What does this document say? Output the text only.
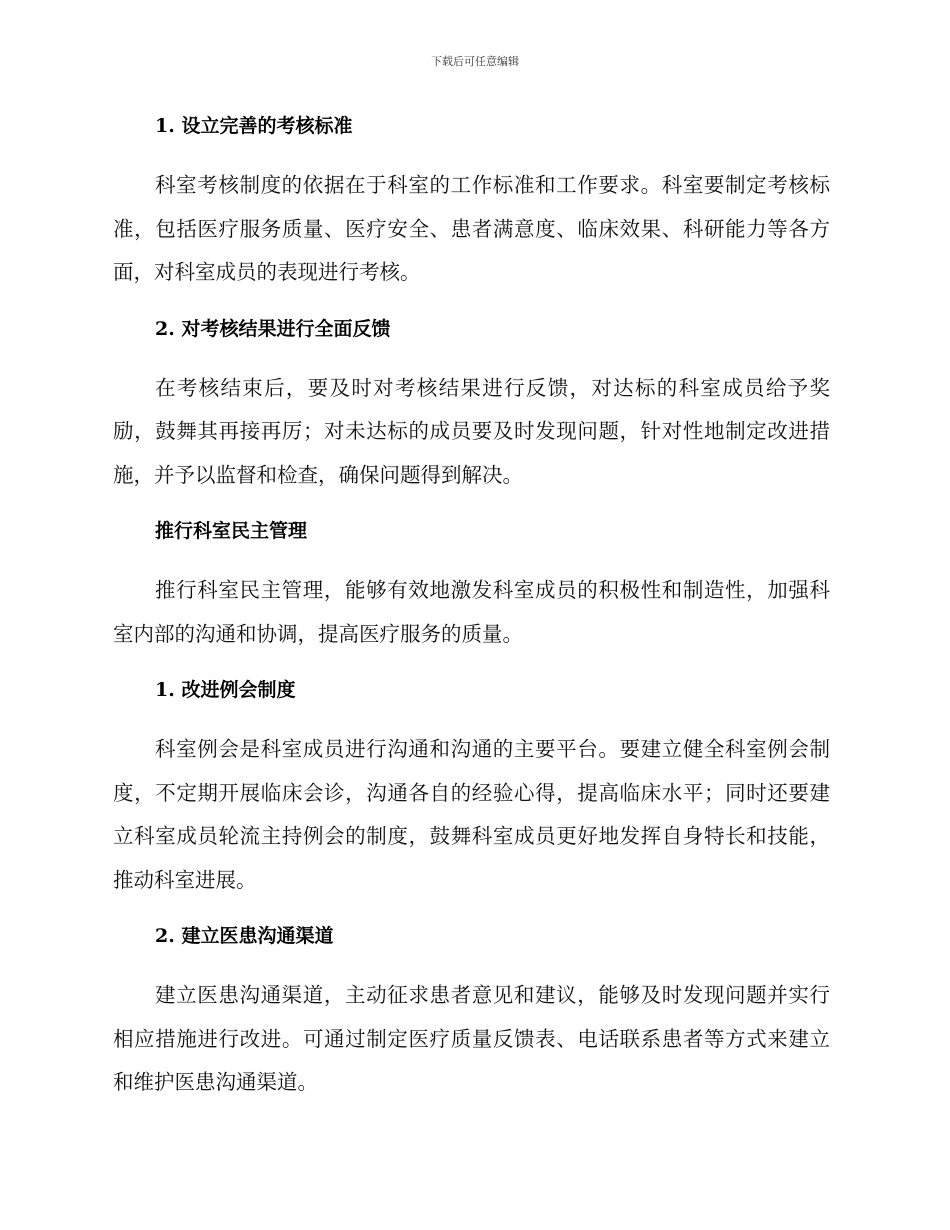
下载后可任意编辑
1. 设立完善的考核标准

科室考核制度的依据在于科室的工作标准和工作要求。科室要制定考核标准，包括医疗服务质量、医疗安全、患者满意度、临床效果、科研能力等各方面，对科室成员的表现进行考核。

2. 对考核结果进行全面反馈

在考核结束后，要及时对考核结果进行反馈，对达标的科室成员给予奖励，鼓舞其再接再厉；对未达标的成员要及时发现问题，针对性地制定改进措施，并予以监督和检查，确保问题得到解决。

推行科室民主管理

推行科室民主管理，能够有效地激发科室成员的积极性和制造性，加强科室内部的沟通和协调，提高医疗服务的质量。

1. 改进例会制度

科室例会是科室成员进行沟通和沟通的主要平台。要建立健全科室例会制度，不定期开展临床会诊，沟通各自的经验心得，提高临床水平；同时还要建立科室成员轮流主持例会的制度，鼓舞科室成员更好地发挥自身特长和技能，推动科室进展。

2. 建立医患沟通渠道

建立医患沟通渠道，主动征求患者意见和建议，能够及时发现问题并实行相应措施进行改进。可通过制定医疗质量反馈表、电话联系患者等方式来建立和维护医患沟通渠道。
